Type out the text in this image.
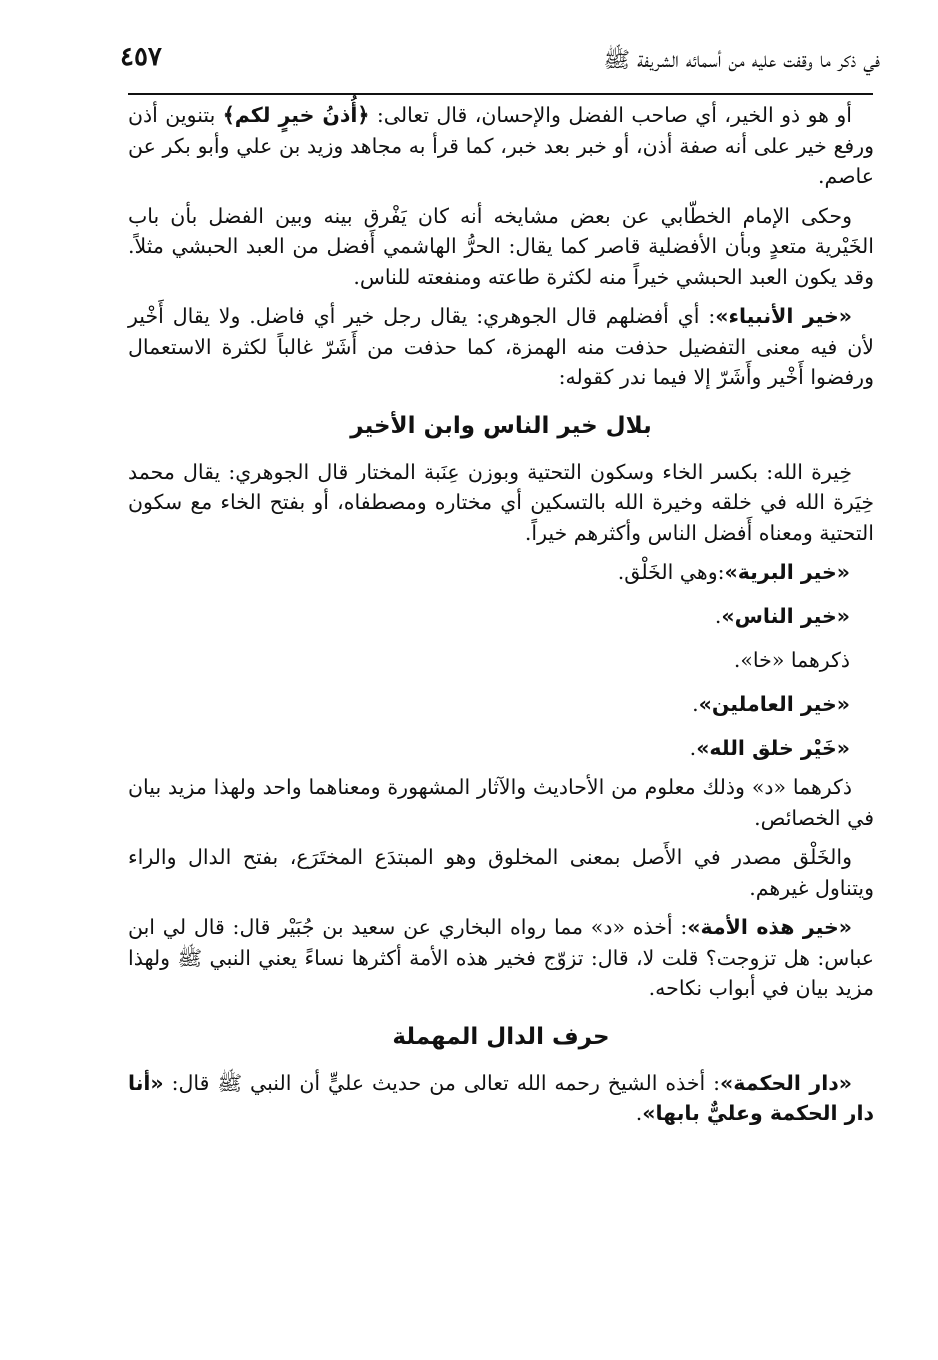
في ذكر ما وقفت عليه من أسمائه الشريفة ﷺ
٤٥٧

أو هو ذو الخير، أي صاحب الفضل والإحسان، قال تعالى: ﴿أُذنُ خيرٍ لكم﴾ بتنوين أذن ورفع خير على أنه صفة أذن، أو خبر بعد خبر، كما قرأ به مجاهد وزيد بن علي وأبو بكر عن عاصم.

وحكى الإمام الخطّابي عن بعض مشايخه أنه كان يَفْرق بينه وبين الفضل بأن باب الخَيْرية متعدٍ وبأن الأفضلية قاصر كما يقال: الحرُّ الهاشمي أَفضل من العبد الحبشي مثلاً. وقد يكون العبد الحبشي خيراً منه لكثرة طاعته ومنفعته للناس.

«خير الأنبياء»: أي أفضلهم قال الجوهري: يقال رجل خير أي فاضل. ولا يقال أَخْير لأن فيه معنى التفضيل حذفت منه الهمزة، كما حذفت من أَشَرّ غالباً لكثرة الاستعمال ورفضوا أَخْير وأَشَرّ إلا فيما ندر كقوله:

بلال خير الناس وابن الأخير

خِيرة الله: بكسر الخاء وسكون التحتية وبوزن عِنَبة المختار قال الجوهري: يقال محمد خِيَرة الله في خلقه وخيرة الله بالتسكين أي مختاره ومصطفاه، أو بفتح الخاء مع سكون التحتية ومعناه أَفضل الناس وأكثرهم خيراً.

«خير البرية»:وهي الخَلْق.

«خير الناس».

ذكرهما «خا».

«خير العاملين».

«خَيْر خلق الله».

ذكرهما «د» وذلك معلوم من الأحاديث والآثار المشهورة ومعناهما واحد ولهذا مزيد بيان في الخصائص.

والخَلْق مصدر في الأَصل بمعنى المخلوق وهو المبتدَع المختَرَع، بفتح الدال والراء ويتناول غيرهم.

«خير هذه الأمة»: أخذه «د» مما رواه البخاري عن سعيد بن جُبَيْر قال: قال لي ابن عباس: هل تزوجت؟ قلت لا، قال: تزوّج فخير هذه الأمة أكثرها نساءً يعني النبي ﷺ ولهذا مزيد بيان في أبواب نكاحه.

حرف الدال المهملة

«دار الحكمة»: أخذه الشيخ رحمه الله تعالى من حديث عليٍّ أن النبي ﷺ قال: «أنا دار الحكمة وعليٌّ بابها».
